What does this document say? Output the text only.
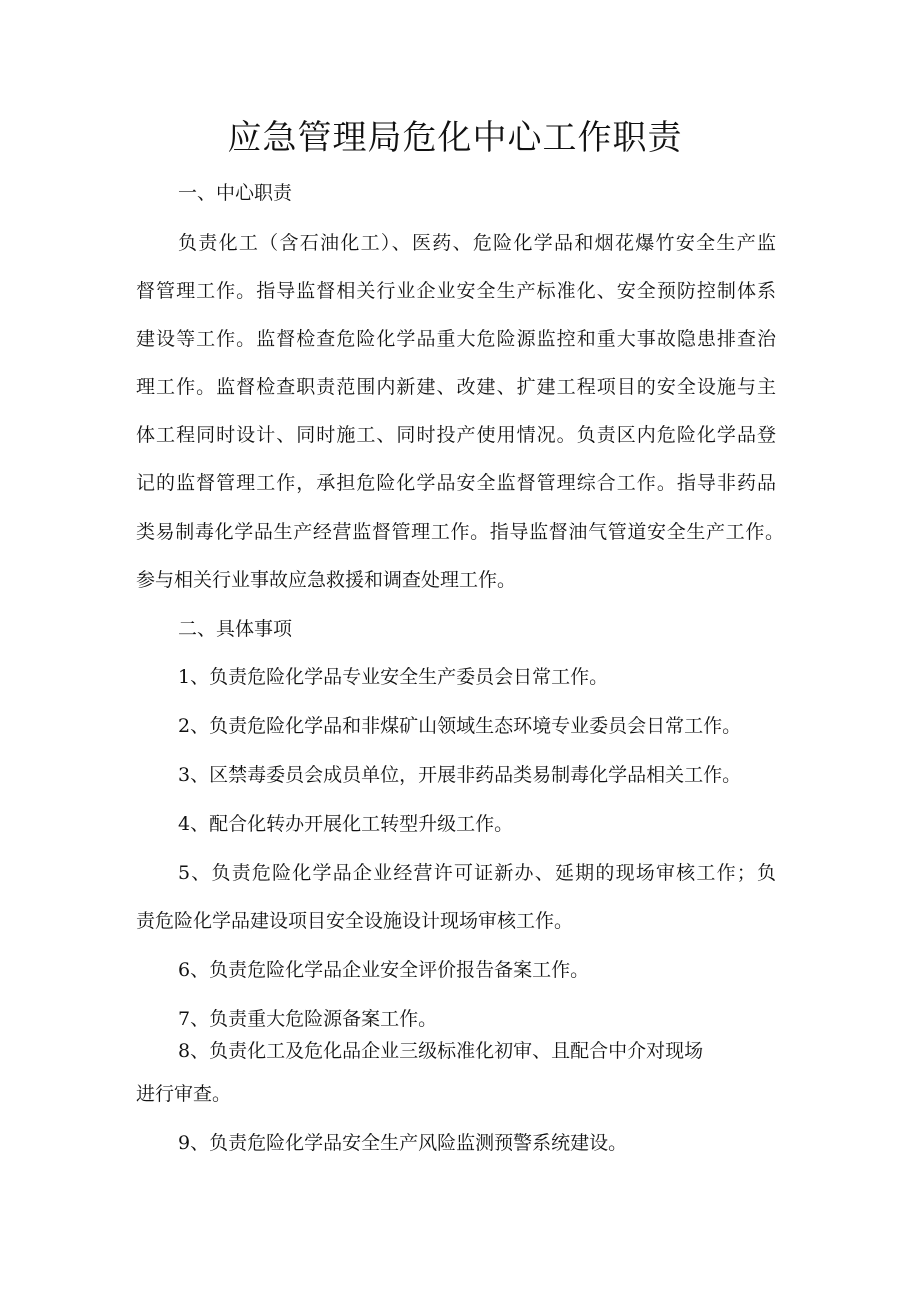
应急管理局危化中心工作职责

一、中心职责

负责化工（含石油化工）、医药、危险化学品和烟花爆竹安全生产监

督管理工作。指导监督相关行业企业安全生产标准化、安全预防控制体系

建设等工作。监督检查危险化学品重大危险源监控和重大事故隐患排查治

理工作。监督检查职责范围内新建、改建、扩建工程项目的安全设施与主

体工程同时设计、同时施工、同时投产使用情况。负责区内危险化学品登

记的监督管理工作，承担危险化学品安全监督管理综合工作。指导非药品

类易制毒化学品生产经营监督管理工作。指导监督油气管道安全生产工作。

参与相关行业事故应急救援和调查处理工作。

二、具体事项

1、负责危险化学品专业安全生产委员会日常工作。

2、负责危险化学品和非煤矿山领域生态环境专业委员会日常工作。

3、区禁毒委员会成员单位，开展非药品类易制毒化学品相关工作。

4、配合化转办开展化工转型升级工作。

5、负责危险化学品企业经营许可证新办、延期的现场审核工作；负

责危险化学品建设项目安全设施设计现场审核工作。

6、负责危险化学品企业安全评价报告备案工作。

7、负责重大危险源备案工作。

8、负责化工及危化品企业三级标准化初审、且配合中介对现场

进行审查。

9、负责危险化学品安全生产风险监测预警系统建设。
